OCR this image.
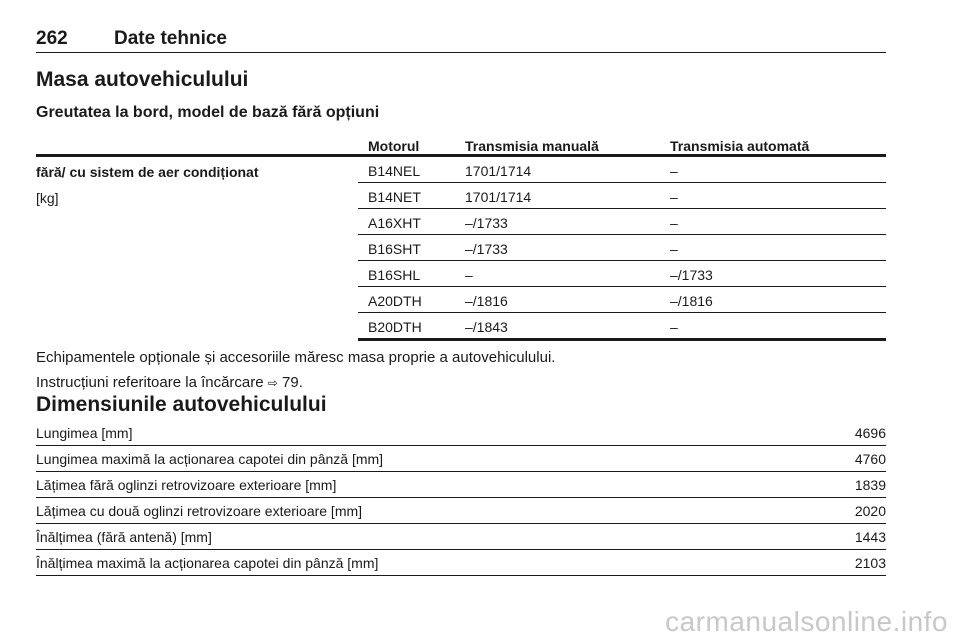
262 Date tehnice
Masa autovehiculului
Greutatea la bord, model de bază fără opțiuni
Motorul	Transmisia manuală	Transmisia automată
fără/ cu sistem de aer condiționat
[kg]
B14NEL	1701/1714	–
B14NET	1701/1714	–
A16XHT	–/1733	–
B16SHT	–/1733	–
B16SHL	–	–/1733
A20DTH	–/1816	–/1816
B20DTH	–/1843	–
Echipamentele opționale și accesoriile măresc masa proprie a autovehiculului.
Instrucțiuni referitoare la încărcare ⇨ 79.
Dimensiunile autovehiculului
Lungimea [mm]	4696
Lungimea maximă la acționarea capotei din pânză [mm]	4760
Lățimea fără oglinzi retrovizoare exterioare [mm]	1839
Lățimea cu două oglinzi retrovizoare exterioare [mm]	2020
Înălțimea (fără antenă) [mm]	1443
Înălțimea maximă la acționarea capotei din pânză [mm]	2103
carmanualsonline.info
